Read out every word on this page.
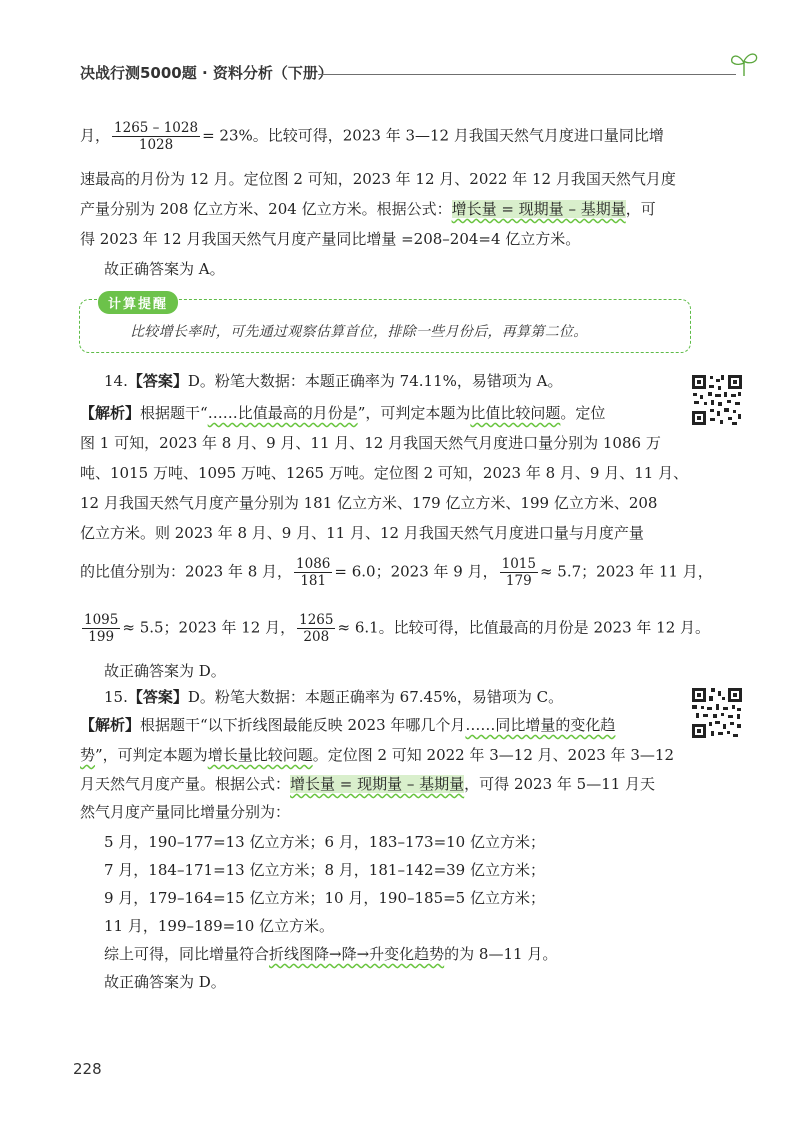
决战行测5000题 · 资料分析（下册）
月， $\frac{1265 - 1028}{1028} = 23\%$。比较可得，2023 年 3—12 月我国天然气月度进口量同比增
速最高的月份为 12 月。定位图 2 可知，2023 年 12 月、2022 年 12 月我国天然气月度
产量分别为 208 亿立方米、204 亿立方米。根据公式：增长量 = 现期量 – 基期量，可
得 2023 年 12 月我国天然气月度产量同比增量 =208–204=4 亿立方米。
故正确答案为 A。
计算提醒
比较增长率时，可先通过观察估算首位，排除一些月份后，再算第二位。
14.【答案】D。粉笔大数据：本题正确率为 74.11%，易错项为 A。
【解析】根据题干“……比值最高的月份是”，可判定本题为比值比较问题。定位
图 1 可知，2023 年 8 月、9 月、11 月、12 月我国天然气月度进口量分别为 1086 万
吨、1015 万吨、1095 万吨、1265 万吨。定位图 2 可知，2023 年 8 月、9 月、11 月、
12 月我国天然气月度产量分别为 181 亿立方米、179 亿立方米、199 亿立方米、208
亿立方米。则 2023 年 8 月、9 月、11 月、12 月我国天然气月度进口量与月度产量
的比值分别为：2023 年 8 月， $\frac{1086}{181} = 6.0$；2023 年 9 月， $\frac{1015}{179} \approx 5.7$；2023 年 11 月，
$\frac{1095}{199} \approx 5.5$；2023 年 12 月， $\frac{1265}{208} \approx 6.1$。比较可得，比值最高的月份是 2023 年 12 月。
故正确答案为 D。
15.【答案】D。粉笔大数据：本题正确率为 67.45%，易错项为 C。
【解析】根据题干“以下折线图最能反映 2023 年哪几个月……同比增量的变化趋
势”，可判定本题为增长量比较问题。定位图 2 可知 2022 年 3—12 月、2023 年 3—12
月天然气月度产量。根据公式：增长量 = 现期量 – 基期量，可得 2023 年 5—11 月天
然气月度产量同比增量分别为：
5 月，190–177=13 亿立方米；6 月，183–173=10 亿立方米；
7 月，184–171=13 亿立方米；8 月，181–142=39 亿立方米；
9 月，179–164=15 亿立方米；10 月，190–185=5 亿立方米；
11 月，199–189=10 亿立方米。
综上可得，同比增量符合折线图降→降→升变化趋势的为 8—11 月。
故正确答案为 D。
228
